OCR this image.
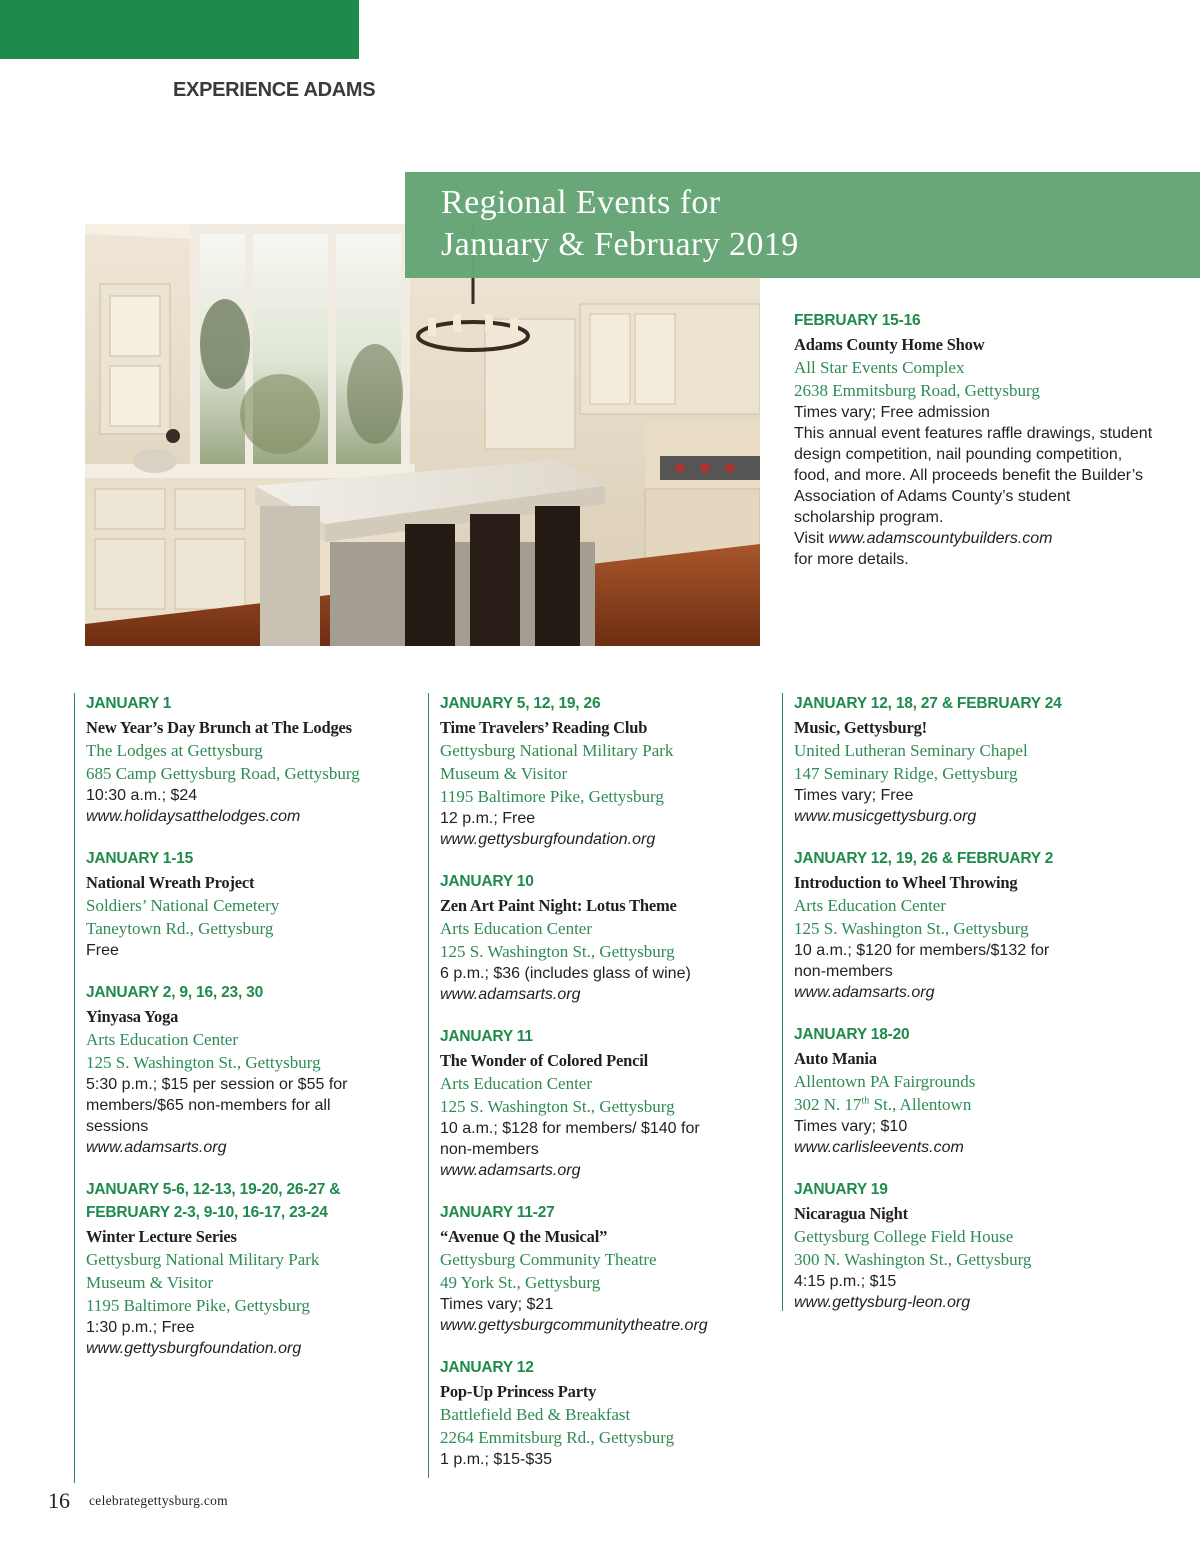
EXPERIENCE ADAMS
Regional Events for
January & February 2019
FEBRUARY 15-16
Adams County Home Show
All Star Events Complex
2638 Emmitsburg Road, Gettysburg
Times vary; Free admission
This annual event features raffle drawings, student design competition, nail pounding competition, food, and more. All proceeds benefit the Builder’s Association of Adams County’s student scholarship program.
Visit www.adamscountybuilders.com
for more details.
JANUARY 1
New Year’s Day Brunch at The Lodges
The Lodges at Gettysburg
685 Camp Gettysburg Road, Gettysburg
10:30 a.m.; $24
www.holidaysatthelodges.com
JANUARY 1-15
National Wreath Project
Soldiers’ National Cemetery
Taneytown Rd., Gettysburg
Free
JANUARY 2, 9, 16, 23, 30
Yinyasa Yoga
Arts Education Center
125 S. Washington St., Gettysburg
5:30 p.m.; $15 per session or $55 for
members/$65 non-members for all
sessions
www.adamsarts.org
JANUARY 5-6, 12-13, 19-20, 26-27 &
FEBRUARY 2-3, 9-10, 16-17, 23-24
Winter Lecture Series
Gettysburg National Military Park
Museum & Visitor
1195 Baltimore Pike, Gettysburg
1:30 p.m.; Free
www.gettysburgfoundation.org
JANUARY 5, 12, 19, 26
Time Travelers’ Reading Club
Gettysburg National Military Park
Museum & Visitor
1195 Baltimore Pike, Gettysburg
12 p.m.; Free
www.gettysburgfoundation.org
JANUARY 10
Zen Art Paint Night: Lotus Theme
Arts Education Center
125 S. Washington St., Gettysburg
6 p.m.; $36 (includes glass of wine)
www.adamsarts.org
JANUARY 11
The Wonder of Colored Pencil
Arts Education Center
125 S. Washington St., Gettysburg
10 a.m.; $128 for members/ $140 for
non-members
www.adamsarts.org
JANUARY 11-27
“Avenue Q the Musical”
Gettysburg Community Theatre
49 York St., Gettysburg
Times vary; $21
www.gettysburgcommunitytheatre.org
JANUARY 12
Pop-Up Princess Party
Battlefield Bed & Breakfast
2264 Emmitsburg Rd., Gettysburg
1 p.m.; $15-$35
JANUARY 12, 18, 27 & FEBRUARY 24
Music, Gettysburg!
United Lutheran Seminary Chapel
147 Seminary Ridge, Gettysburg
Times vary; Free
www.musicgettysburg.org
JANUARY 12, 19, 26 & FEBRUARY 2
Introduction to Wheel Throwing
Arts Education Center
125 S. Washington St., Gettysburg
10 a.m.; $120 for members/$132 for
non-members
www.adamsarts.org
JANUARY 18-20
Auto Mania
Allentown PA Fairgrounds
302 N. 17th St., Allentown
Times vary; $10
www.carlisleevents.com
JANUARY 19
Nicaragua Night
Gettysburg College Field House
300 N. Washington St., Gettysburg
4:15 p.m.; $15
www.gettysburg-leon.org
16 celebrategettysburg.com
